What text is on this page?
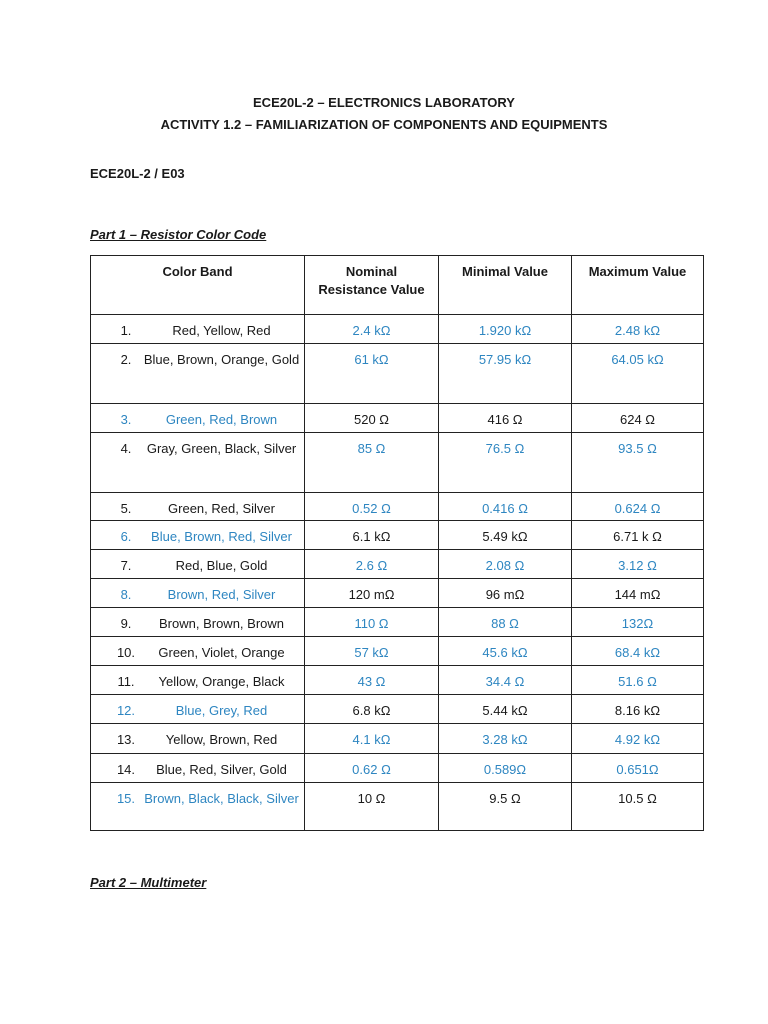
ECE20L-2 – ELECTRONICS LABORATORY
ACTIVITY 1.2 – FAMILIARIZATION OF COMPONENTS AND EQUIPMENTS
ECE20L-2 / E03
Part 1 – Resistor Color Code
Color Band	Nominal Resistance Value	Minimal Value	Maximum Value

1. Red, Yellow, Red	2.4 kΩ	1.920 kΩ	2.48 kΩ

2. Blue, Brown, Orange, Gold	61 kΩ	57.95 kΩ	64.05 kΩ

3. Green, Red, Brown	520 Ω	416 Ω	624 Ω

4. Gray, Green, Black, Silver	85 Ω	76.5 Ω	93.5 Ω

5. Green, Red, Silver	0.52 Ω	0.416 Ω	0.624 Ω

6. Blue, Brown, Red, Silver	6.1 kΩ	5.49 kΩ	6.71 k Ω

7. Red, Blue, Gold	2.6 Ω	2.08 Ω	3.12 Ω

8. Brown, Red, Silver	120 mΩ	96 mΩ	144 mΩ

9. Brown, Brown, Brown	110 Ω	88 Ω	132Ω

10. Green, Violet, Orange	57 kΩ	45.6 kΩ	68.4 kΩ

11. Yellow, Orange, Black	43 Ω	34.4 Ω	51.6 Ω

12. Blue, Grey, Red	6.8 kΩ	5.44 kΩ	8.16 kΩ

13. Yellow, Brown, Red	4.1 kΩ	3.28 kΩ	4.92 kΩ

14. Blue, Red, Silver, Gold	0.62 Ω	0.589Ω	0.651Ω

15. Brown, Black, Black, Silver	10 Ω	9.5 Ω	10.5 Ω
Part 2 – Multimeter
